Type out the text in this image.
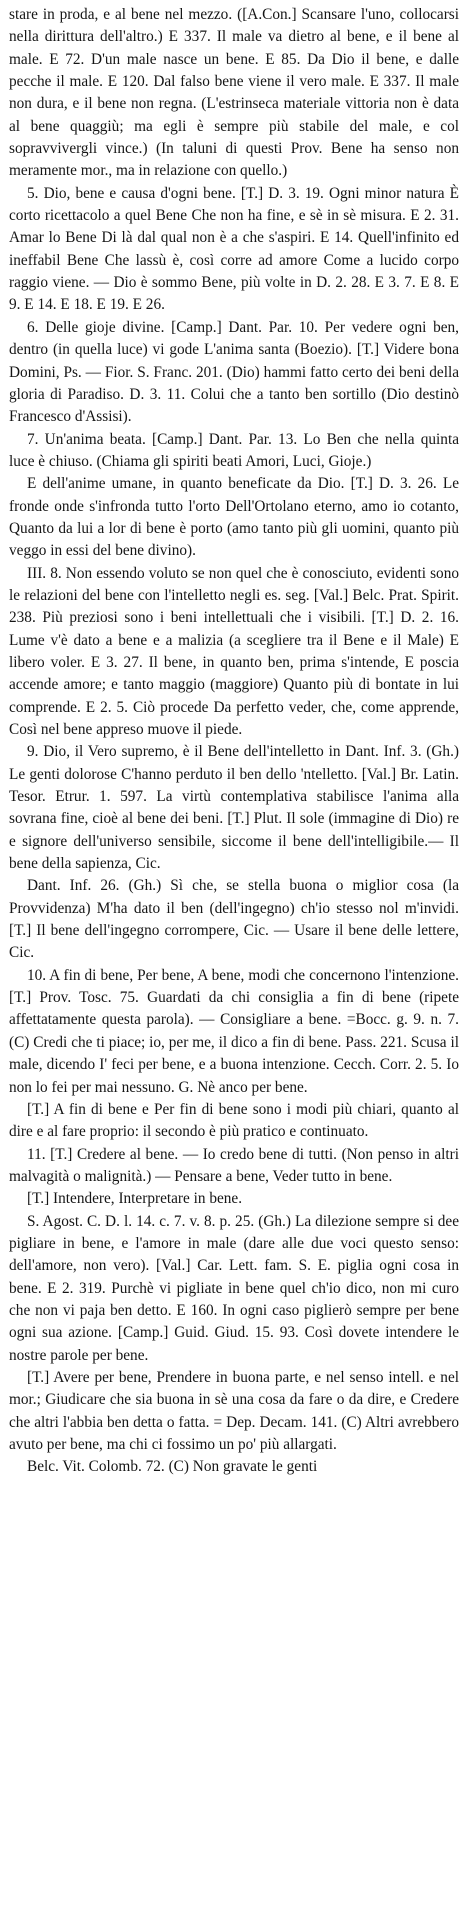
stare in proda, e al bene nel mezzo. ([A.Con.] Scansare l'uno, collocarsi nella dirittura dell'altro.) E 337. Il male va dietro al bene, e il bene al male. E 72. D'un male nasce un bene. E 85. Da Dio il bene, e dalle pecche il male. E 120. Dal falso bene viene il vero male. E 337. Il male non dura, e il bene non regna. (L'estrinseca materiale vittoria non è data al bene quaggiù; ma egli è sempre più stabile del male, e col sopravvivergli vince.) (In taluni di questi Prov. Bene ha senso non meramente mor., ma in relazione con quello.)

5. Dio, bene e causa d'ogni bene. [T.] D. 3. 19. Ogni minor natura È corto ricettacolo a quel Bene Che non ha fine, e sè in sè misura. E 2. 31. Amar lo Bene Di là dal qual non è a che s'aspiri. E 14. Quell'infinito ed ineffabil Bene Che lassù è, così corre ad amore Come a lucido corpo raggio viene. — Dio è sommo Bene, più volte in D. 2. 28. E 3. 7. E 8. E 9. E 14. E 18. E 19. E 26.

6. Delle gioje divine. [Camp.] Dant. Par. 10. Per vedere ogni ben, dentro (in quella luce) vi gode L'anima santa (Boezio). [T.] Videre bona Domini, Ps. — Fior. S. Franc. 201. (Dio) hammi fatto certo dei beni della gloria di Paradiso. D. 3. 11. Colui che a tanto ben sortillo (Dio destinò Francesco d'Assisi).

7. Un'anima beata. [Camp.] Dant. Par. 13. Lo Ben che nella quinta luce è chiuso. (Chiama gli spiriti beati Amori, Luci, Gioje.)

E dell'anime umane, in quanto beneficate da Dio. [T.] D. 3. 26. Le fronde onde s'infronda tutto l'orto Dell'Ortolano eterno, amo io cotanto, Quanto da lui a lor di bene è porto (amo tanto più gli uomini, quanto più veggo in essi del bene divino).

III. 8. Non essendo voluto se non quel che è conosciuto, evidenti sono le relazioni del bene con l'intelletto negli es. seg. [Val.] Belc. Prat. Spirit. 238. Più preziosi sono i beni intellettuali che i visibili. [T.] D. 2. 16. Lume v'è dato a bene e a malizia (a scegliere tra il Bene e il Male) E libero voler. E 3. 27. Il bene, in quanto ben, prima s'intende, E poscia accende amore; e tanto maggio (maggiore) Quanto più di bontate in lui comprende. E 2. 5. Ciò procede Da perfetto veder, che, come apprende, Così nel bene appreso muove il piede.

9. Dio, il Vero supremo, è il Bene dell'intelletto in Dant. Inf. 3. (Gh.) Le genti dolorose C'hanno perduto il ben dello 'ntelletto. [Val.] Br. Latin. Tesor. Etrur. 1. 597. La virtù contemplativa stabilisce l'anima alla sovrana fine, cioè al bene dei beni. [T.] Plut. Il sole (immagine di Dio) re e signore dell'universo sensibile, siccome il bene dell'intelligibile.— Il bene della sapienza, Cic.

Dant. Inf. 26. (Gh.) Sì che, se stella buona o miglior cosa (la Provvidenza) M'ha dato il ben (dell'ingegno) ch'io stesso nol m'invidi. [T.] Il bene dell'ingegno corrompere, Cic. — Usare il bene delle lettere, Cic.

10. A fin di bene, Per bene, A bene, modi che concernono l'intenzione. [T.] Prov. Tosc. 75. Guardati da chi consiglia a fin di bene (ripete affettatamente questa parola). — Consigliare a bene. =Bocc. g. 9. n. 7. (C) Credi che ti piace; io, per me, il dico a fin di bene. Pass. 221. Scusa il male, dicendo I' feci per bene, e a buona intenzione. Cecch. Corr. 2. 5. Io non lo fei per mai nessuno. G. Nè anco per bene.

[T.] A fin di bene e Per fin di bene sono i modi più chiari, quanto al dire e al fare proprio: il secondo è più pratico e continuato.

11. [T.] Credere al bene. — Io credo bene di tutti. (Non penso in altri malvagità o malignità.) — Pensare a bene, Veder tutto in bene.

[T.] Intendere, Interpretare in bene.

S. Agost. C. D. l. 14. c. 7. v. 8. p. 25. (Gh.) La dilezione sempre si dee pigliare in bene, e l'amore in male (dare alle due voci questo senso: dell'amore, non vero). [Val.] Car. Lett. fam. S. E. piglia ogni cosa in bene. E 2. 319. Purchè vi pigliate in bene quel ch'io dico, non mi curo che non vi paja ben detto. E 160. In ogni caso piglierò sempre per bene ogni sua azione. [Camp.] Guid. Giud. 15. 93. Così dovete intendere le nostre parole per bene.

[T.] Avere per bene, Prendere in buona parte, e nel senso intell. e nel mor.; Giudicare che sia buona in sè una cosa da fare o da dire, e Credere che altri l'abbia ben detta o fatta. = Dep. Decam. 141. (C) Altri avrebbero avuto per bene, ma chi ci fossimo un po' più allargati.

Belc. Vit. Colomb. 72. (C) Non gravate le genti
